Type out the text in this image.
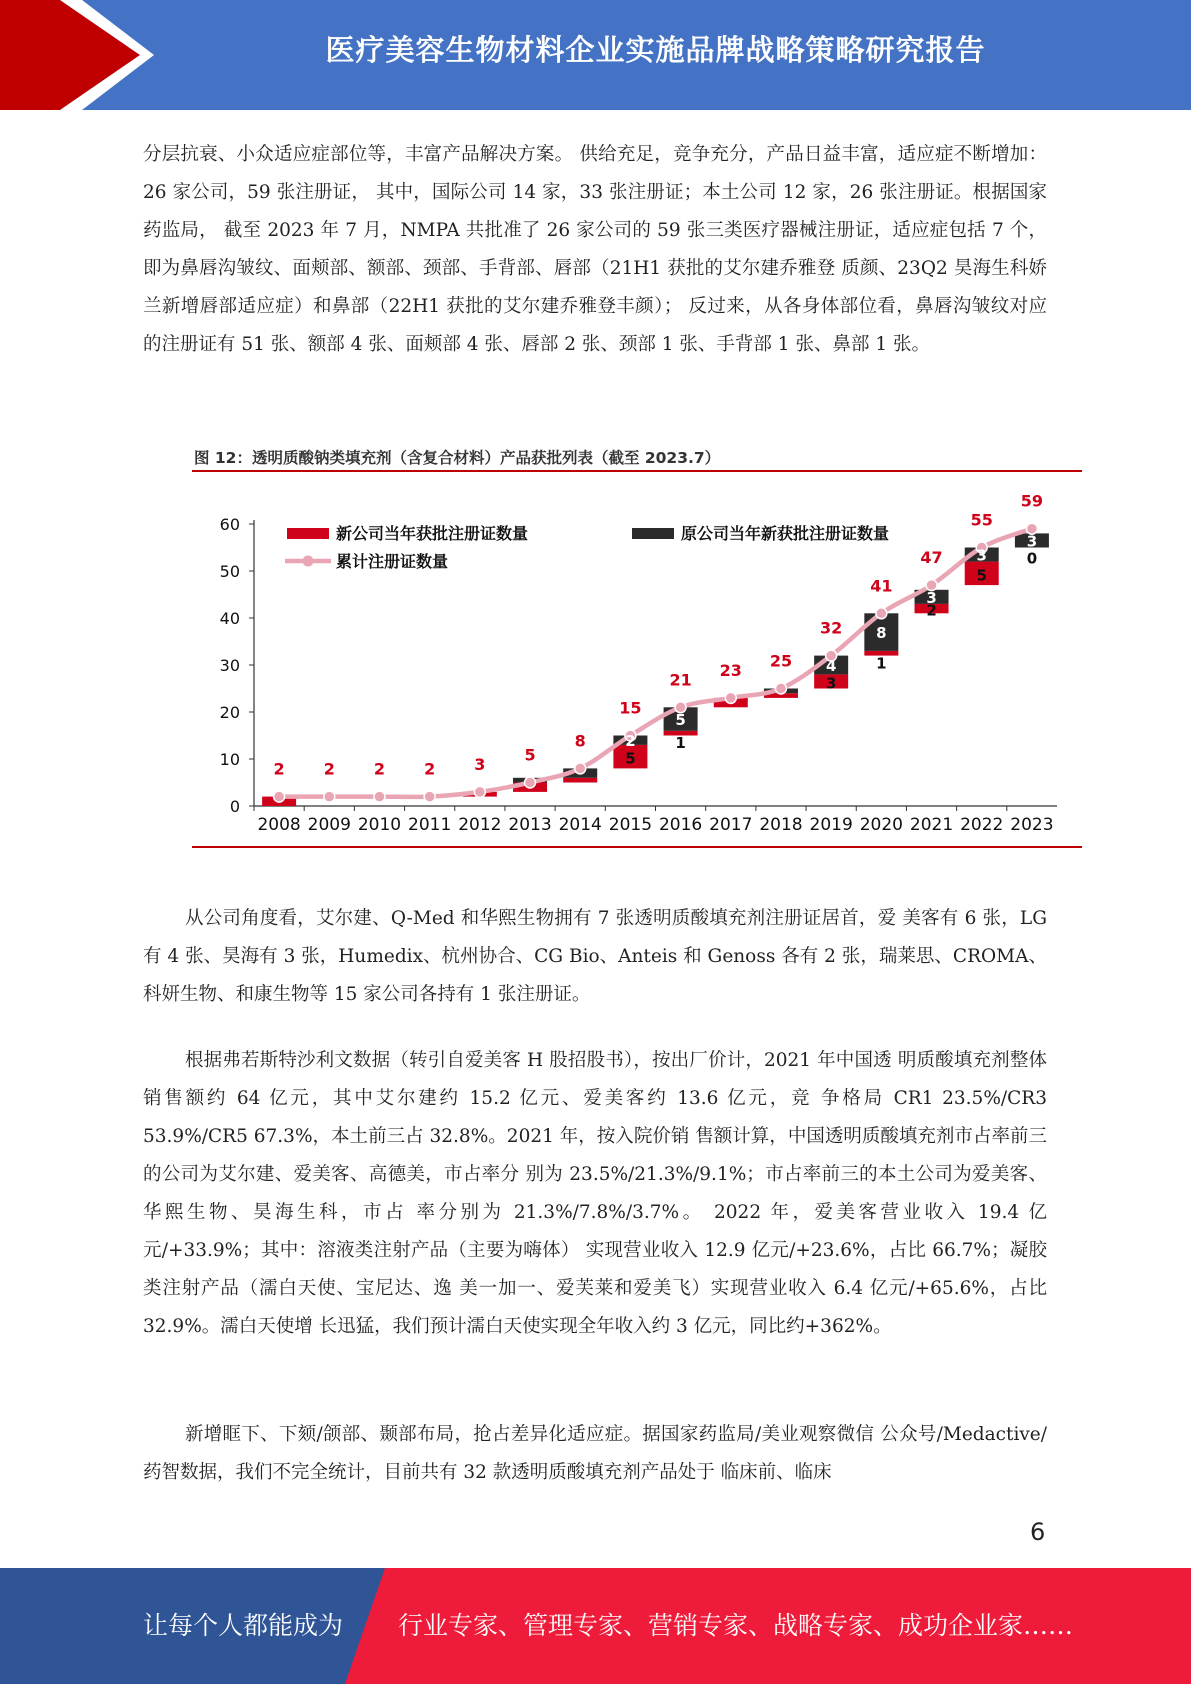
医疗美容生物材料企业实施品牌战略策略研究报告

分层抗衰、小众适应症部位等，丰富产品解决方案。 供给充足，竞争充分，产品日益丰富，适应症不断增加：26 家公司，59 张注册证， 其中，国际公司 14 家，33 张注册证；本土公司 12 家，26 张注册证。根据国家药监局， 截至 2023 年 7 月，NMPA 共批准了 26 家公司的 59 张三类医疗器械注册证，适应症包括 7 个，即为鼻唇沟皱纹、面颊部、额部、颈部、手背部、唇部（21H1 获批的艾尔建乔雅登 质颜、23Q2 昊海生科娇兰新增唇部适应症）和鼻部（22H1 获批的艾尔建乔雅登丰颜）； 反过来，从各身体部位看，鼻唇沟皱纹对应的注册证有 51 张、额部 4 张、面颊部 4 张、唇部 2 张、颈部 1 张、手背部 1 张、鼻部 1 张。

图 12：透明质酸钠类填充剂（含复合材料）产品获批列表（截至 2023.7）
0
10
20
30
40
50
60
2008 2009 2010 2011 2012 2013 2014 2015 2016 2017 2018 2019 2020 2021 2022 2023
2 2 2 2 3 5
8
15
21 23 25
32
41
47
55
59
2
5
5
1
4
3
8
1
3
2
3
5
3
0
新公司当年获批注册证数量	原公司当年新获批注册证数量
累计注册证数量

从公司角度看，艾尔建、Q-Med 和华熙生物拥有 7 张透明质酸填充剂注册证居首，爱 美客有 6 张，LG 有 4 张、昊海有 3 张，Humedix、杭州协合、CG Bio、Anteis 和 Genoss 各有 2 张，瑞莱思、CROMA、科妍生物、和康生物等 15 家公司各持有 1 张注册证。

根据弗若斯特沙利文数据（转引自爱美客 H 股招股书），按出厂价计，2021 年中国透 明质酸填充剂整体销售额约 64 亿元，其中艾尔建约 15.2 亿元、爱美客约 13.6 亿元，竞 争格局 CR1 23.5%/CR3 53.9%/CR5 67.3%，本土前三占 32.8%。2021 年，按入院价销 售额计算，中国透明质酸填充剂市占率前三的公司为艾尔建、爱美客、高德美，市占率分 别为 23.5%/21.3%/9.1%；市占率前三的本土公司为爱美客、华熙生物、昊海生科，市占 率分别为 21.3%/7.8%/3.7%。 2022 年，爱美客营业收入 19.4 亿元/+33.9%；其中：溶液类注射产品（主要为嗨体） 实现营业收入 12.9 亿元/+23.6%，占比 66.7%；凝胶类注射产品（濡白天使、宝尼达、逸 美一加一、爱芙莱和爱美飞）实现营业收入 6.4 亿元/+65.6%，占比 32.9%。濡白天使增 长迅猛，我们预计濡白天使实现全年收入约 3 亿元，同比约+362%。

新增眶下、下颏/颌部、颞部布局，抢占差异化适应症。据国家药监局/美业观察微信 公众号/Medactive/药智数据，我们不完全统计，目前共有 32 款透明质酸填充剂产品处于 临床前、临床

6
让每个人都能成为 行业专家、管理专家、营销专家、战略专家、成功企业家……
